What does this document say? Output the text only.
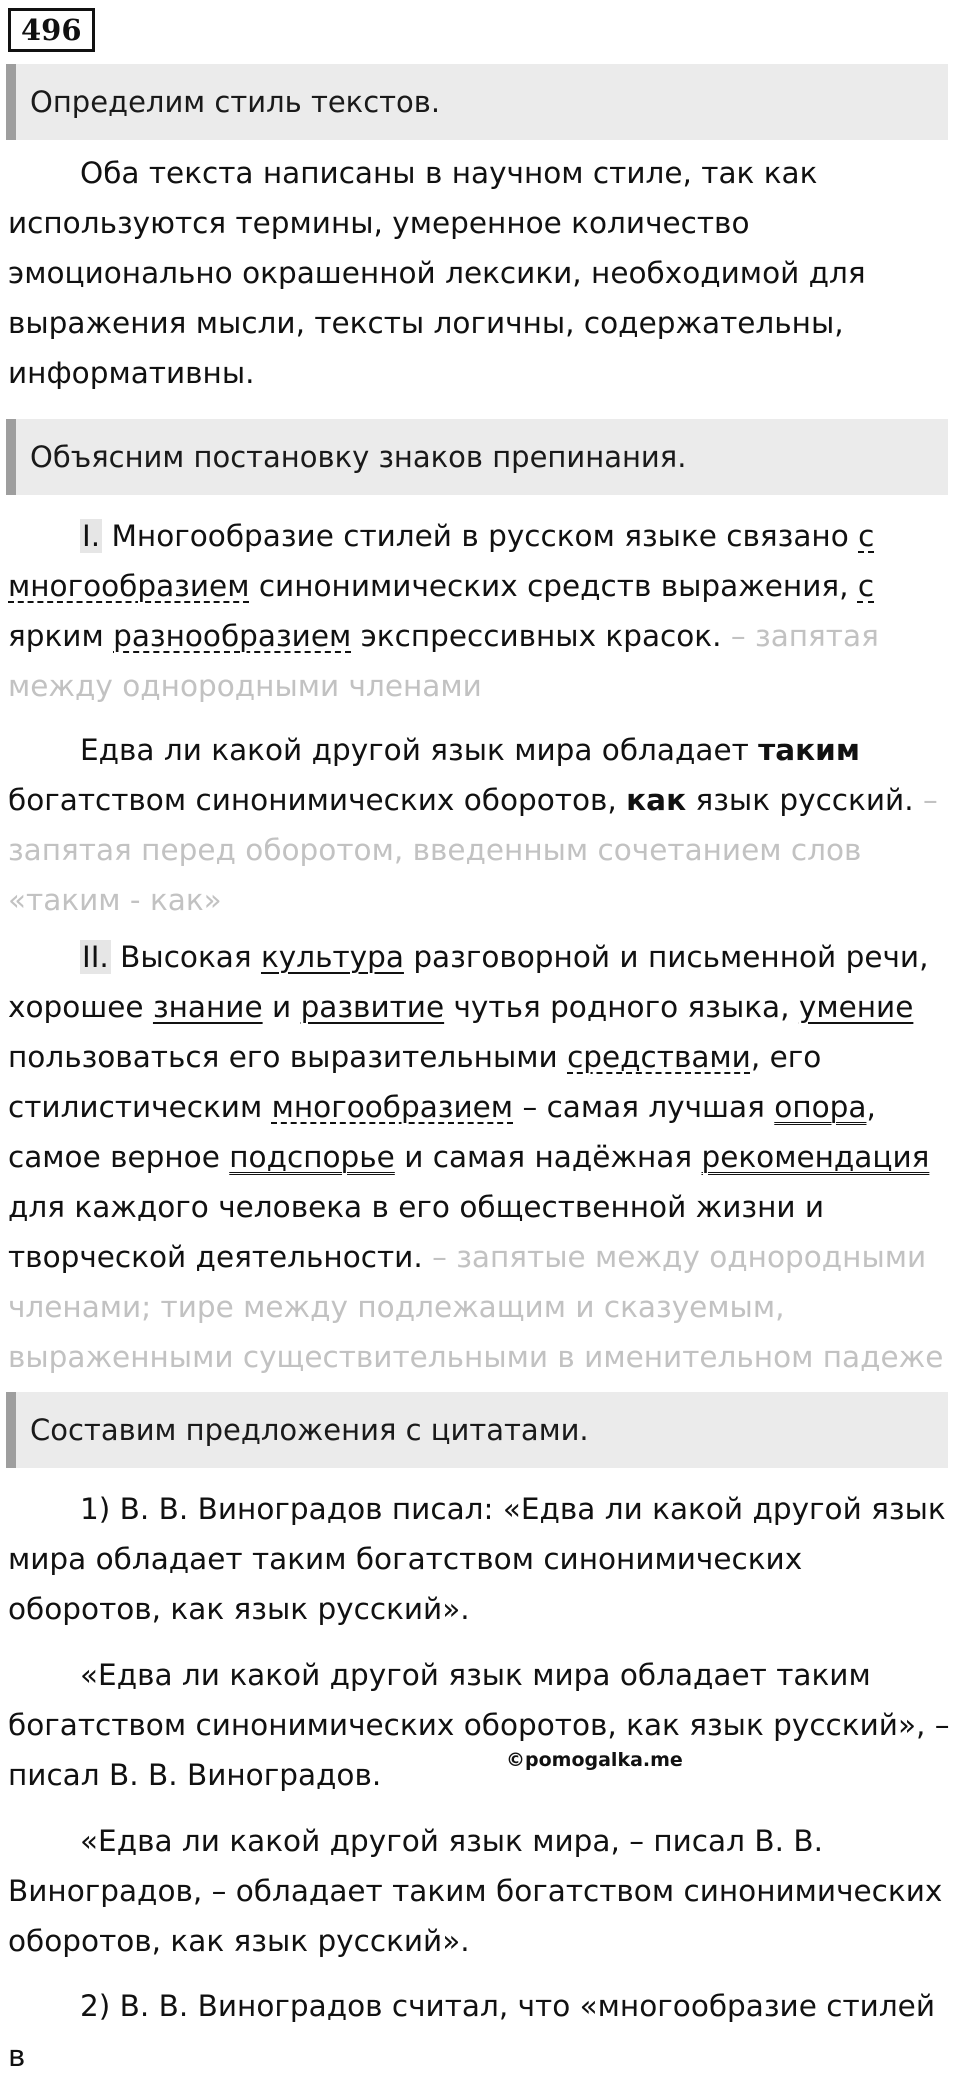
496
Определим стиль текстов.

Оба текста написаны в научном стиле, так как используются термины, умеренное количество эмоционально окрашенной лексики, необходимой для выражения мысли, тексты логичны, содержательны, информативны.

Объясним постановку знаков препинания.

I. Многообразие стилей в русском языке связано с многообразием синонимических средств выражения, с ярким разнообразием экспрессивных красок. – запятая между однородными членами

Едва ли какой другой язык мира обладает таким богатством синонимических оборотов, как язык русский. – запятая перед оборотом, введенным сочетанием слов «таким - как»

II. Высокая культура разговорной и письменной речи, хорошее знание и развитие чутья родного языка, умение пользоваться его выразительными средствами, его стилистическим многообразием – самая лучшая опора, самое верное подспорье и самая надёжная рекомендация для каждого человека в его общественной жизни и творческой деятельности. – запятые между однородными членами; тире между подлежащим и сказуемым, выраженными существительными в именительном падеже

Составим предложения с цитатами.

1) В. В. Виноградов писал: «Едва ли какой другой язык мира обладает таким богатством синонимических оборотов, как язык русский».

«Едва ли какой другой язык мира обладает таким богатством синонимических оборотов, как язык русский», – писал В. В. Виноградов.

«Едва ли какой другой язык мира, – писал В. В. Виноградов, – обладает таким богатством синонимических оборотов, как язык русский».

2) В. В. Виноградов считал, что «многообразие стилей в

©pomogalka.me
